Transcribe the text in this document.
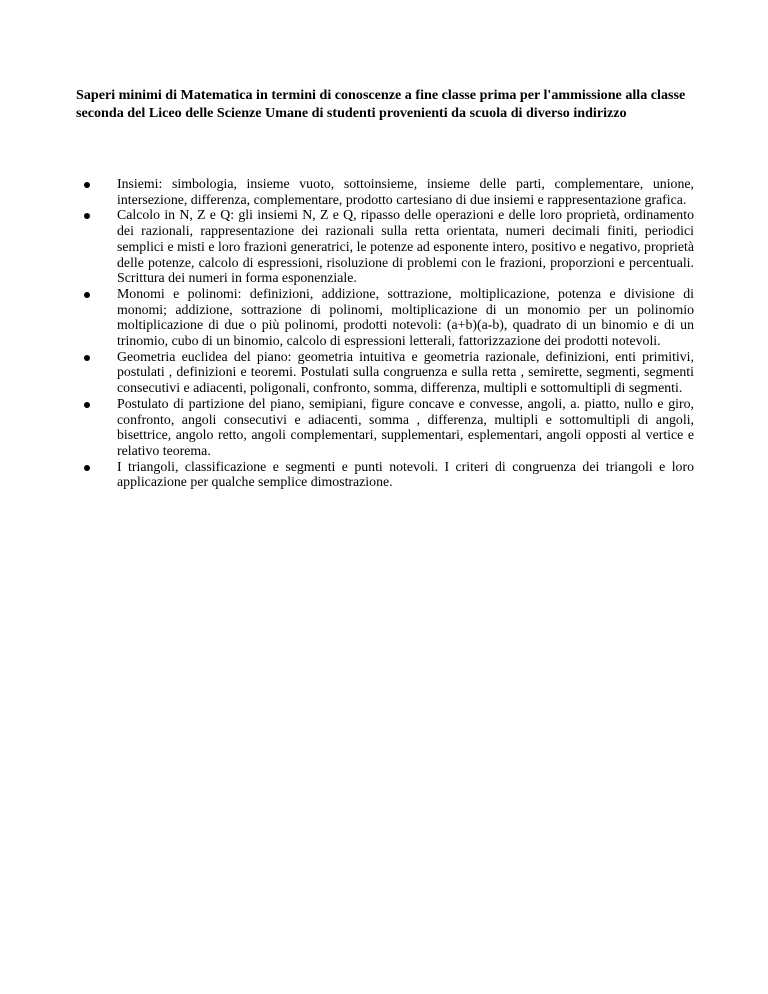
Saperi minimi di Matematica in termini di conoscenze a fine classe prima per l'ammissione alla classe seconda del Liceo delle Scienze Umane di studenti provenienti da scuola di diverso indirizzo

Insiemi: simbologia, insieme vuoto, sottoinsieme, insieme delle parti, complementare, unione, intersezione, differenza, complementare, prodotto cartesiano di due insiemi e rappresentazione grafica.
Calcolo in N, Z e Q: gli insiemi N, Z e Q, ripasso delle operazioni e delle loro proprietà, ordinamento dei razionali, rappresentazione dei razionali sulla retta orientata, numeri decimali finiti, periodici semplici e misti e loro frazioni generatrici, le potenze ad esponente intero, positivo e negativo, proprietà delle potenze, calcolo di espressioni, risoluzione di problemi con le frazioni, proporzioni e percentuali. Scrittura dei numeri in forma esponenziale.
Monomi e polinomi: definizioni, addizione, sottrazione, moltiplicazione, potenza e divisione di monomi; addizione, sottrazione di polinomi, moltiplicazione di un monomio per un polinomio moltiplicazione di due o più polinomi, prodotti notevoli: (a+b)(a-b), quadrato di un binomio e di un trinomio, cubo di un binomio, calcolo di espressioni letterali, fattorizzazione dei prodotti notevoli.
Geometria euclidea del piano: geometria intuitiva e geometria razionale, definizioni, enti primitivi, postulati , definizioni e teoremi. Postulati sulla congruenza e sulla retta , semirette, segmenti, segmenti consecutivi e adiacenti, poligonali, confronto, somma, differenza, multipli e sottomultipli di segmenti.
Postulato di partizione del piano, semipiani, figure concave e convesse, angoli, a. piatto, nullo e giro, confronto, angoli consecutivi e adiacenti, somma , differenza, multipli e sottomultipli di angoli, bisettrice, angolo retto, angoli complementari, supplementari, esplementari, angoli opposti al vertice e relativo teorema.
I triangoli, classificazione e segmenti e punti notevoli. I criteri di congruenza dei triangoli e loro applicazione per qualche semplice dimostrazione.
